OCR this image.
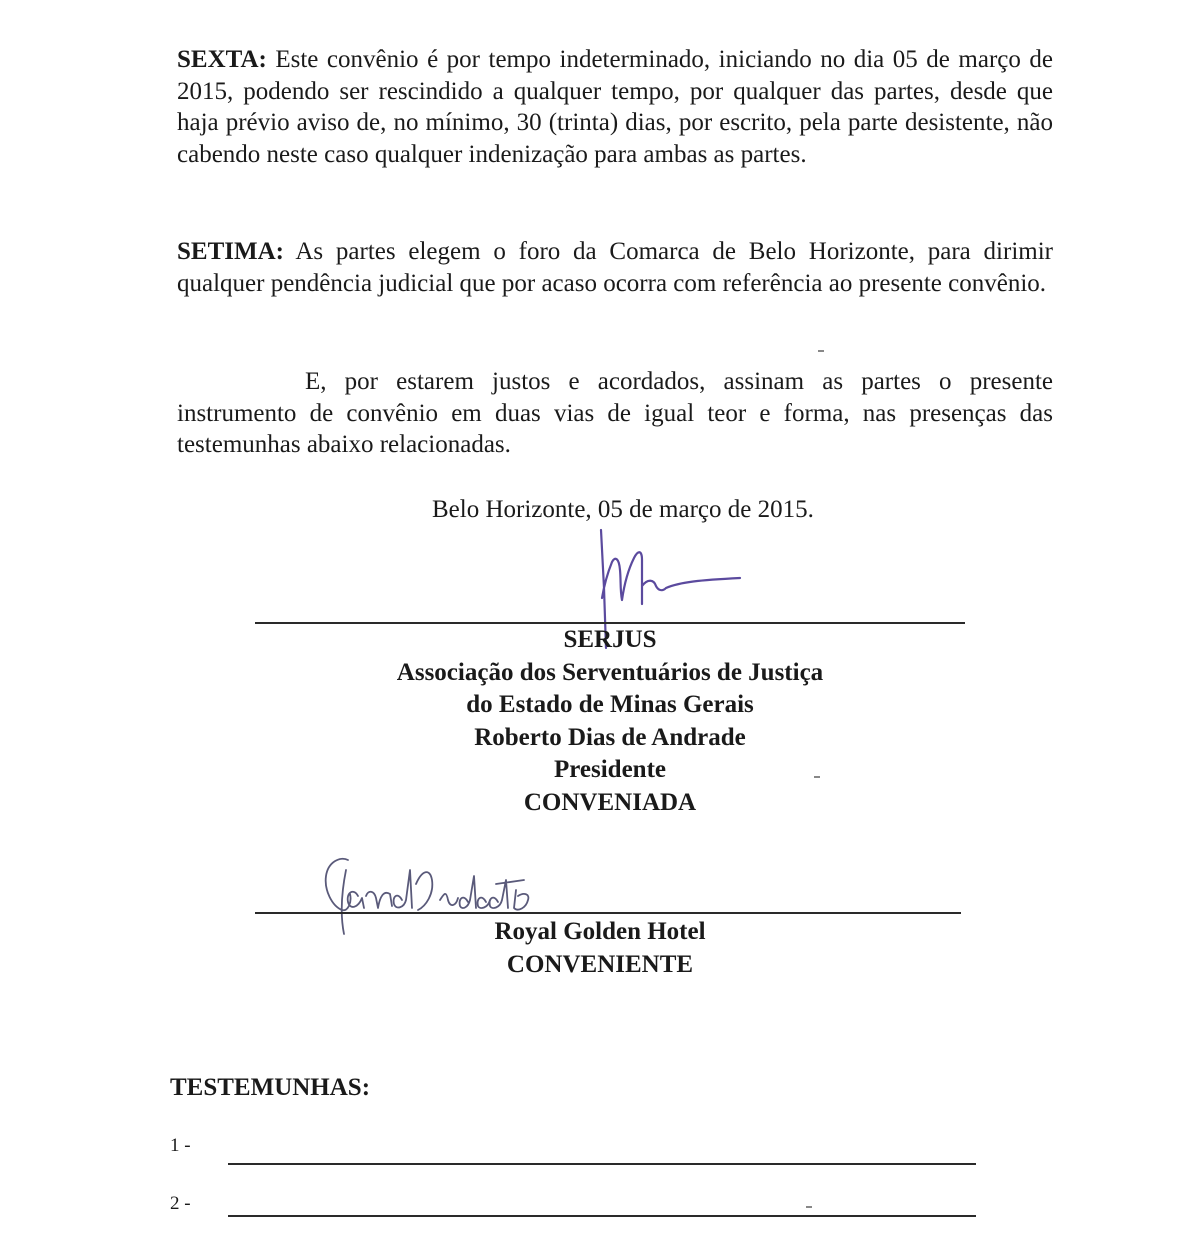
SEXTA: Este convênio é por tempo indeterminado, iniciando no dia 05 de março de 2015, podendo ser rescindido a qualquer tempo, por qualquer das partes, desde que haja prévio aviso de, no mínimo, 30 (trinta) dias, por escrito, pela parte desistente, não cabendo neste caso qualquer indenização para ambas as partes.

SETIMA: As partes elegem o foro da Comarca de Belo Horizonte, para dirimir qualquer pendência judicial que por acaso ocorra com referência ao presente convênio.

E, por estarem justos e acordados, assinam as partes o presente instrumento de convênio em duas vias de igual teor e forma, nas presenças das testemunhas abaixo relacionadas.

Belo Horizonte, 05 de março de 2015.
SERJUS
Associação dos Serventuários de Justiça
do Estado de Minas Gerais
Roberto Dias de Andrade
Presidente
CONVENIADA
Royal Golden Hotel
CONVENIENTE
TESTEMUNHAS:
1 -
2 -
